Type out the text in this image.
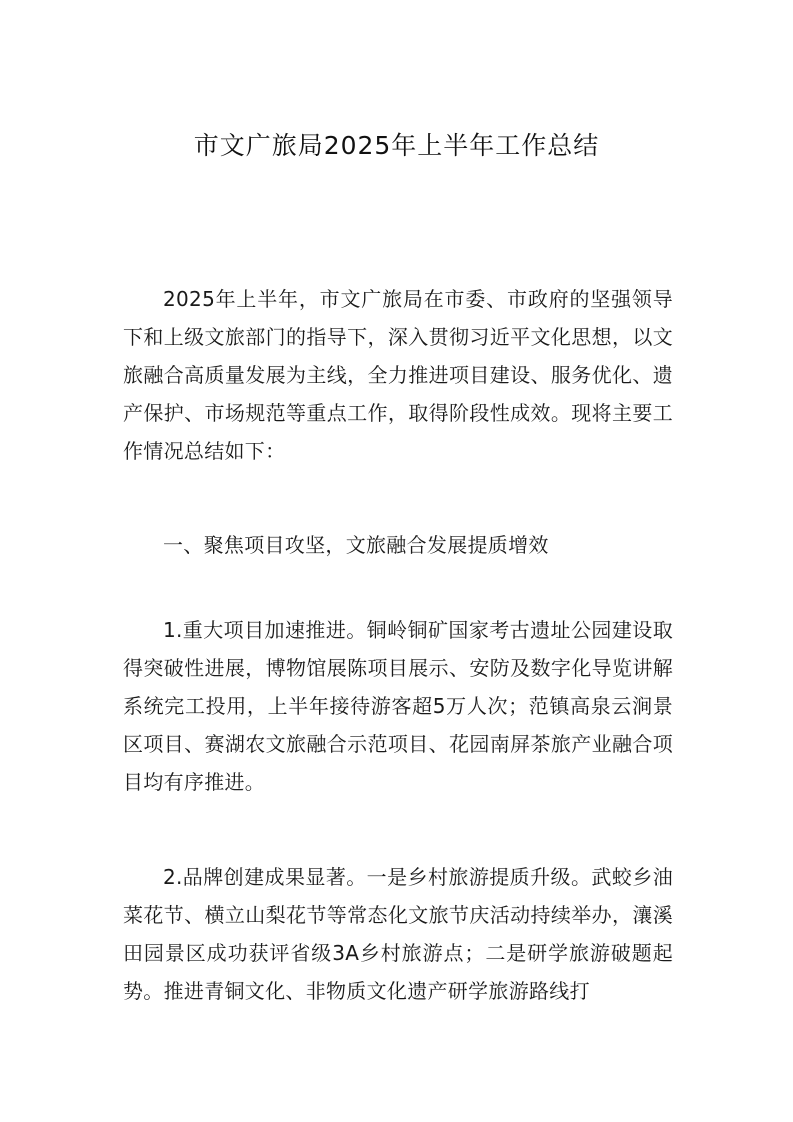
市文广旅局2025年上半年工作总结

2025年上半年，市文广旅局在市委、市政府的坚强领导下和上级文旅部门的指导下，深入贯彻习近平文化思想，以文旅融合高质量发展为主线，全力推进项目建设、服务优化、遗产保护、市场规范等重点工作，取得阶段性成效。现将主要工作情况总结如下：

一、聚焦项目攻坚，文旅融合发展提质增效

1.重大项目加速推进。铜岭铜矿国家考古遗址公园建设取得突破性进展，博物馆展陈项目展示、安防及数字化导览讲解系统完工投用，上半年接待游客超5万人次；范镇高泉云涧景区项目、赛湖农文旅融合示范项目、花园南屏茶旅产业融合项目均有序推进。

2.品牌创建成果显著。一是乡村旅游提质升级。武蛟乡油菜花节、横立山梨花节等常态化文旅节庆活动持续举办，瀼溪田园景区成功获评省级3A乡村旅游点；二是研学旅游破题起势。推进青铜文化、非物质文化遗产研学旅游路线打
